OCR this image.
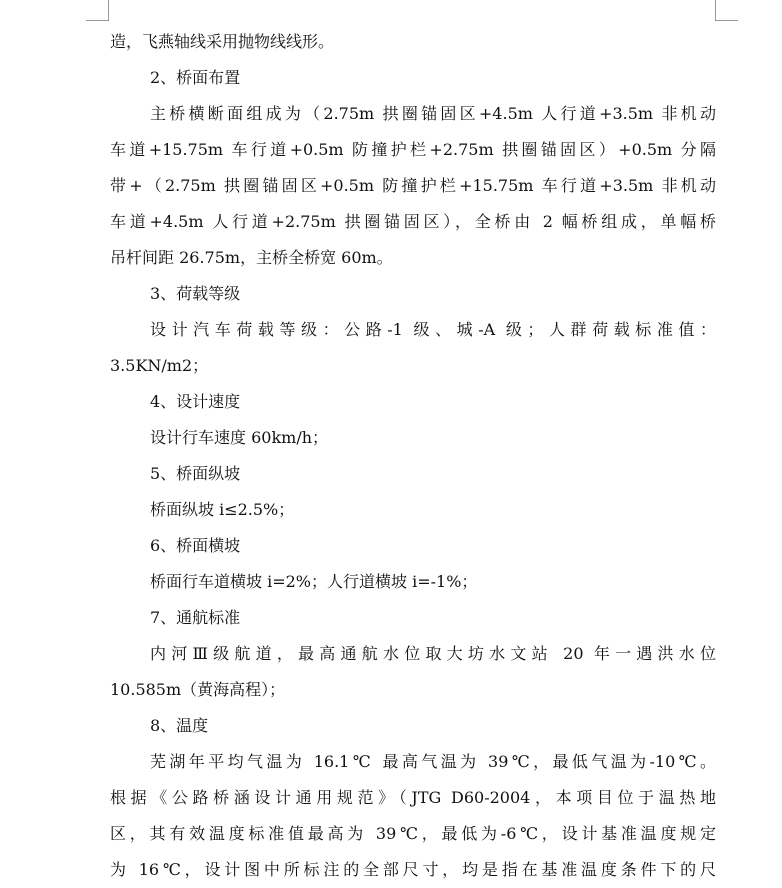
造，飞燕轴线采用抛物线线形。
2、桥面布置
主桥横断面组成为（2.75m 拱圈锚固区+4.5m 人行道+3.5m 非机动
车道+15.75m 车行道+0.5m 防撞护栏+2.75m 拱圈锚固区）+0.5m 分隔
带+（2.75m 拱圈锚固区+0.5m 防撞护栏+15.75m 车行道+3.5m 非机动
车道+4.5m 人行道+2.75m 拱圈锚固区），全桥由 2 幅桥组成，单幅桥
吊杆间距 26.75m，主桥全桥宽 60m。
3、荷载等级
设计汽车荷载等级：公路-1 级、城-A 级；人群荷载标准值：
3.5KN/m2；
4、设计速度
设计行车速度 60km/h；
5、桥面纵坡
桥面纵坡 i≤2.5%；
6、桥面横坡
桥面行车道横坡 i=2%；人行道横坡 i=-1%；
7、通航标准
内河Ⅲ级航道，最高通航水位取大坊水文站 20 年一遇洪水位
10.585m（黄海高程）；
8、温度
芜湖年平均气温为 16.1℃ 最高气温为 39℃，最低气温为-10℃。
根据《公路桥涵设计通用规范》（JTG D60-2004，本项目位于温热地
区，其有效温度标准值最高为 39℃，最低为-6℃，设计基准温度规定
为 16℃，设计图中所标注的全部尺寸，均是指在基准温度条件下的尺
